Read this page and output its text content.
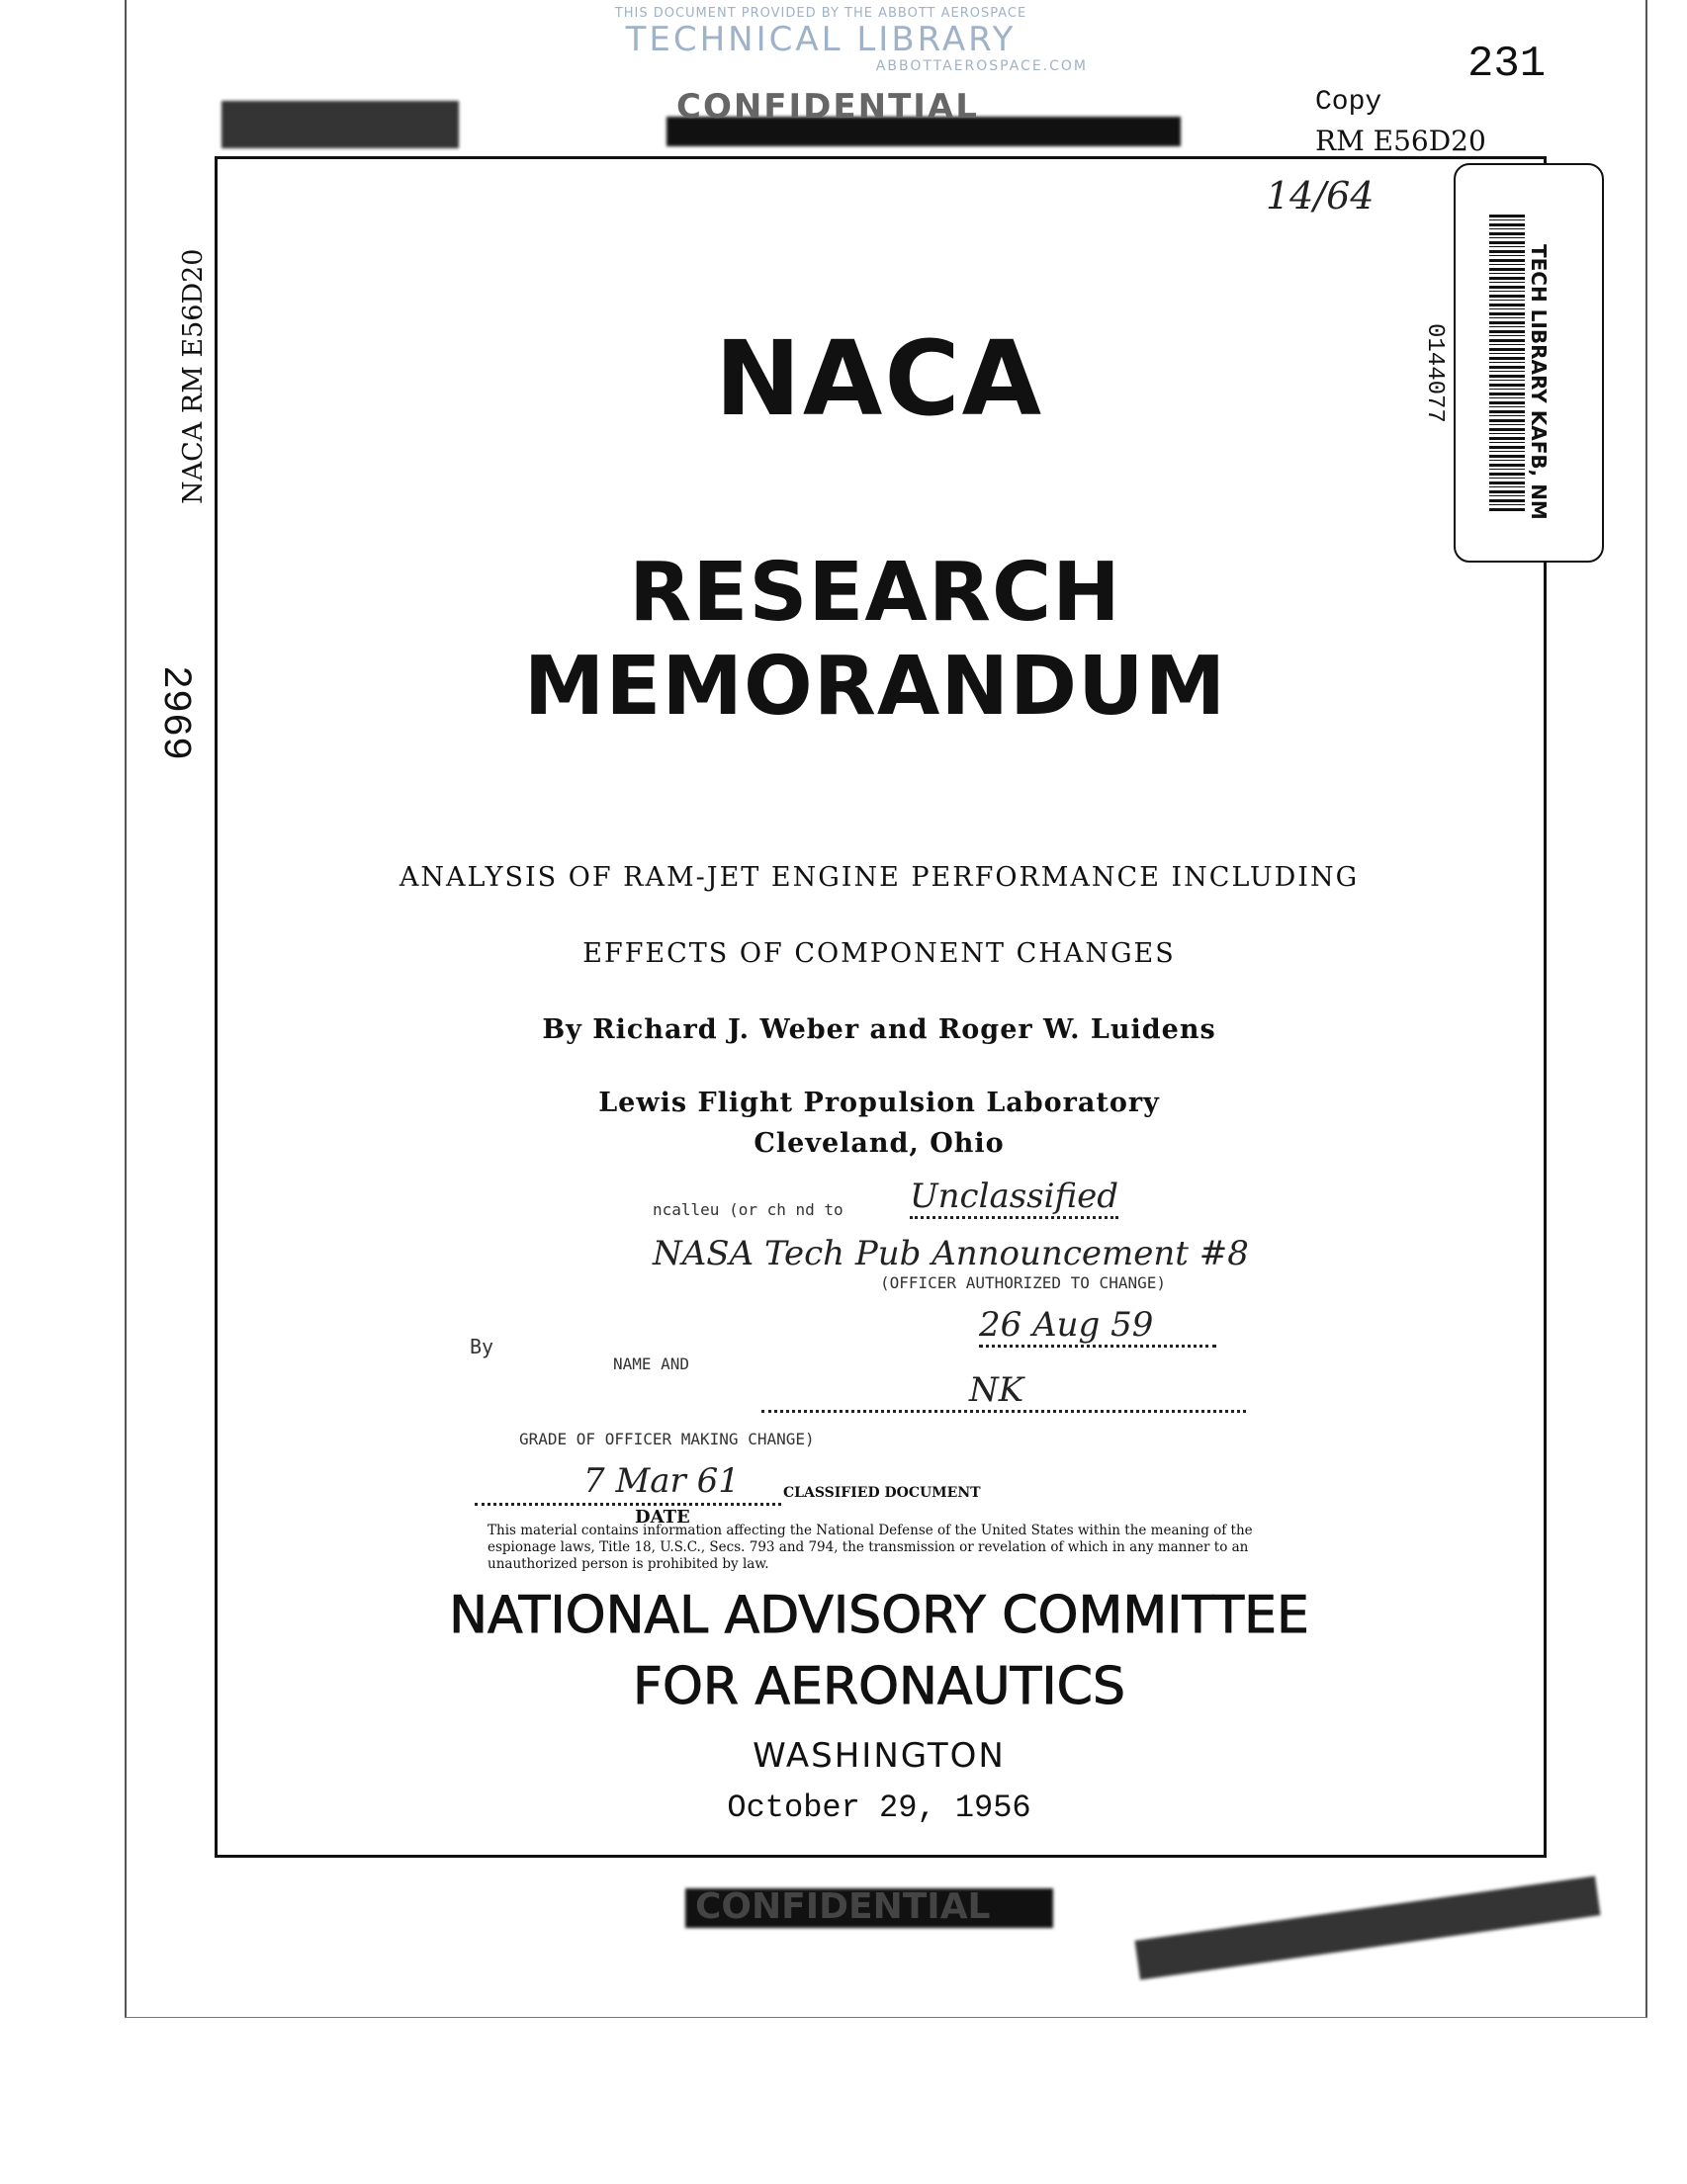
THIS DOCUMENT PROVIDED BY THE ABBOTT AEROSPACE
TECHNICAL LIBRARY
ABBOTTAEROSPACE.COM
CONFIDENTIAL
231
Copy
RM E56D20
14/64
0144077	TECH LIBRARY KAFB, NM
NACA RM E56D20
2969
NACA
RESEARCH MEMORANDUM
ANALYSIS OF RAM-JET ENGINE PERFORMANCE INCLUDING
EFFECTS OF COMPONENT CHANGES
By Richard J. Weber and Roger W. Luidens
Lewis Flight Propulsion Laboratory
Cleveland, Ohio
ncalleu (or ch nd to Unclassified
NASA Tech Pub Announcement #8
(OFFICER AUTHORIZED TO CHANGE)
By
NAME AND
26 Aug 59
NK
GRADE OF OFFICER MAKING CHANGE)
7 Mar 61	CLASSIFIED DOCUMENT
DATE
This material contains information affecting the National Defense of the United States within the meaning of the espionage laws, Title 18, U.S.C., Secs. 793 and 794, the transmission or revelation of which in any manner to an unauthorized person is prohibited by law.
NATIONAL ADVISORY COMMITTEE
FOR AERONAUTICS
WASHINGTON
October 29, 1956
CONFIDENTIAL
